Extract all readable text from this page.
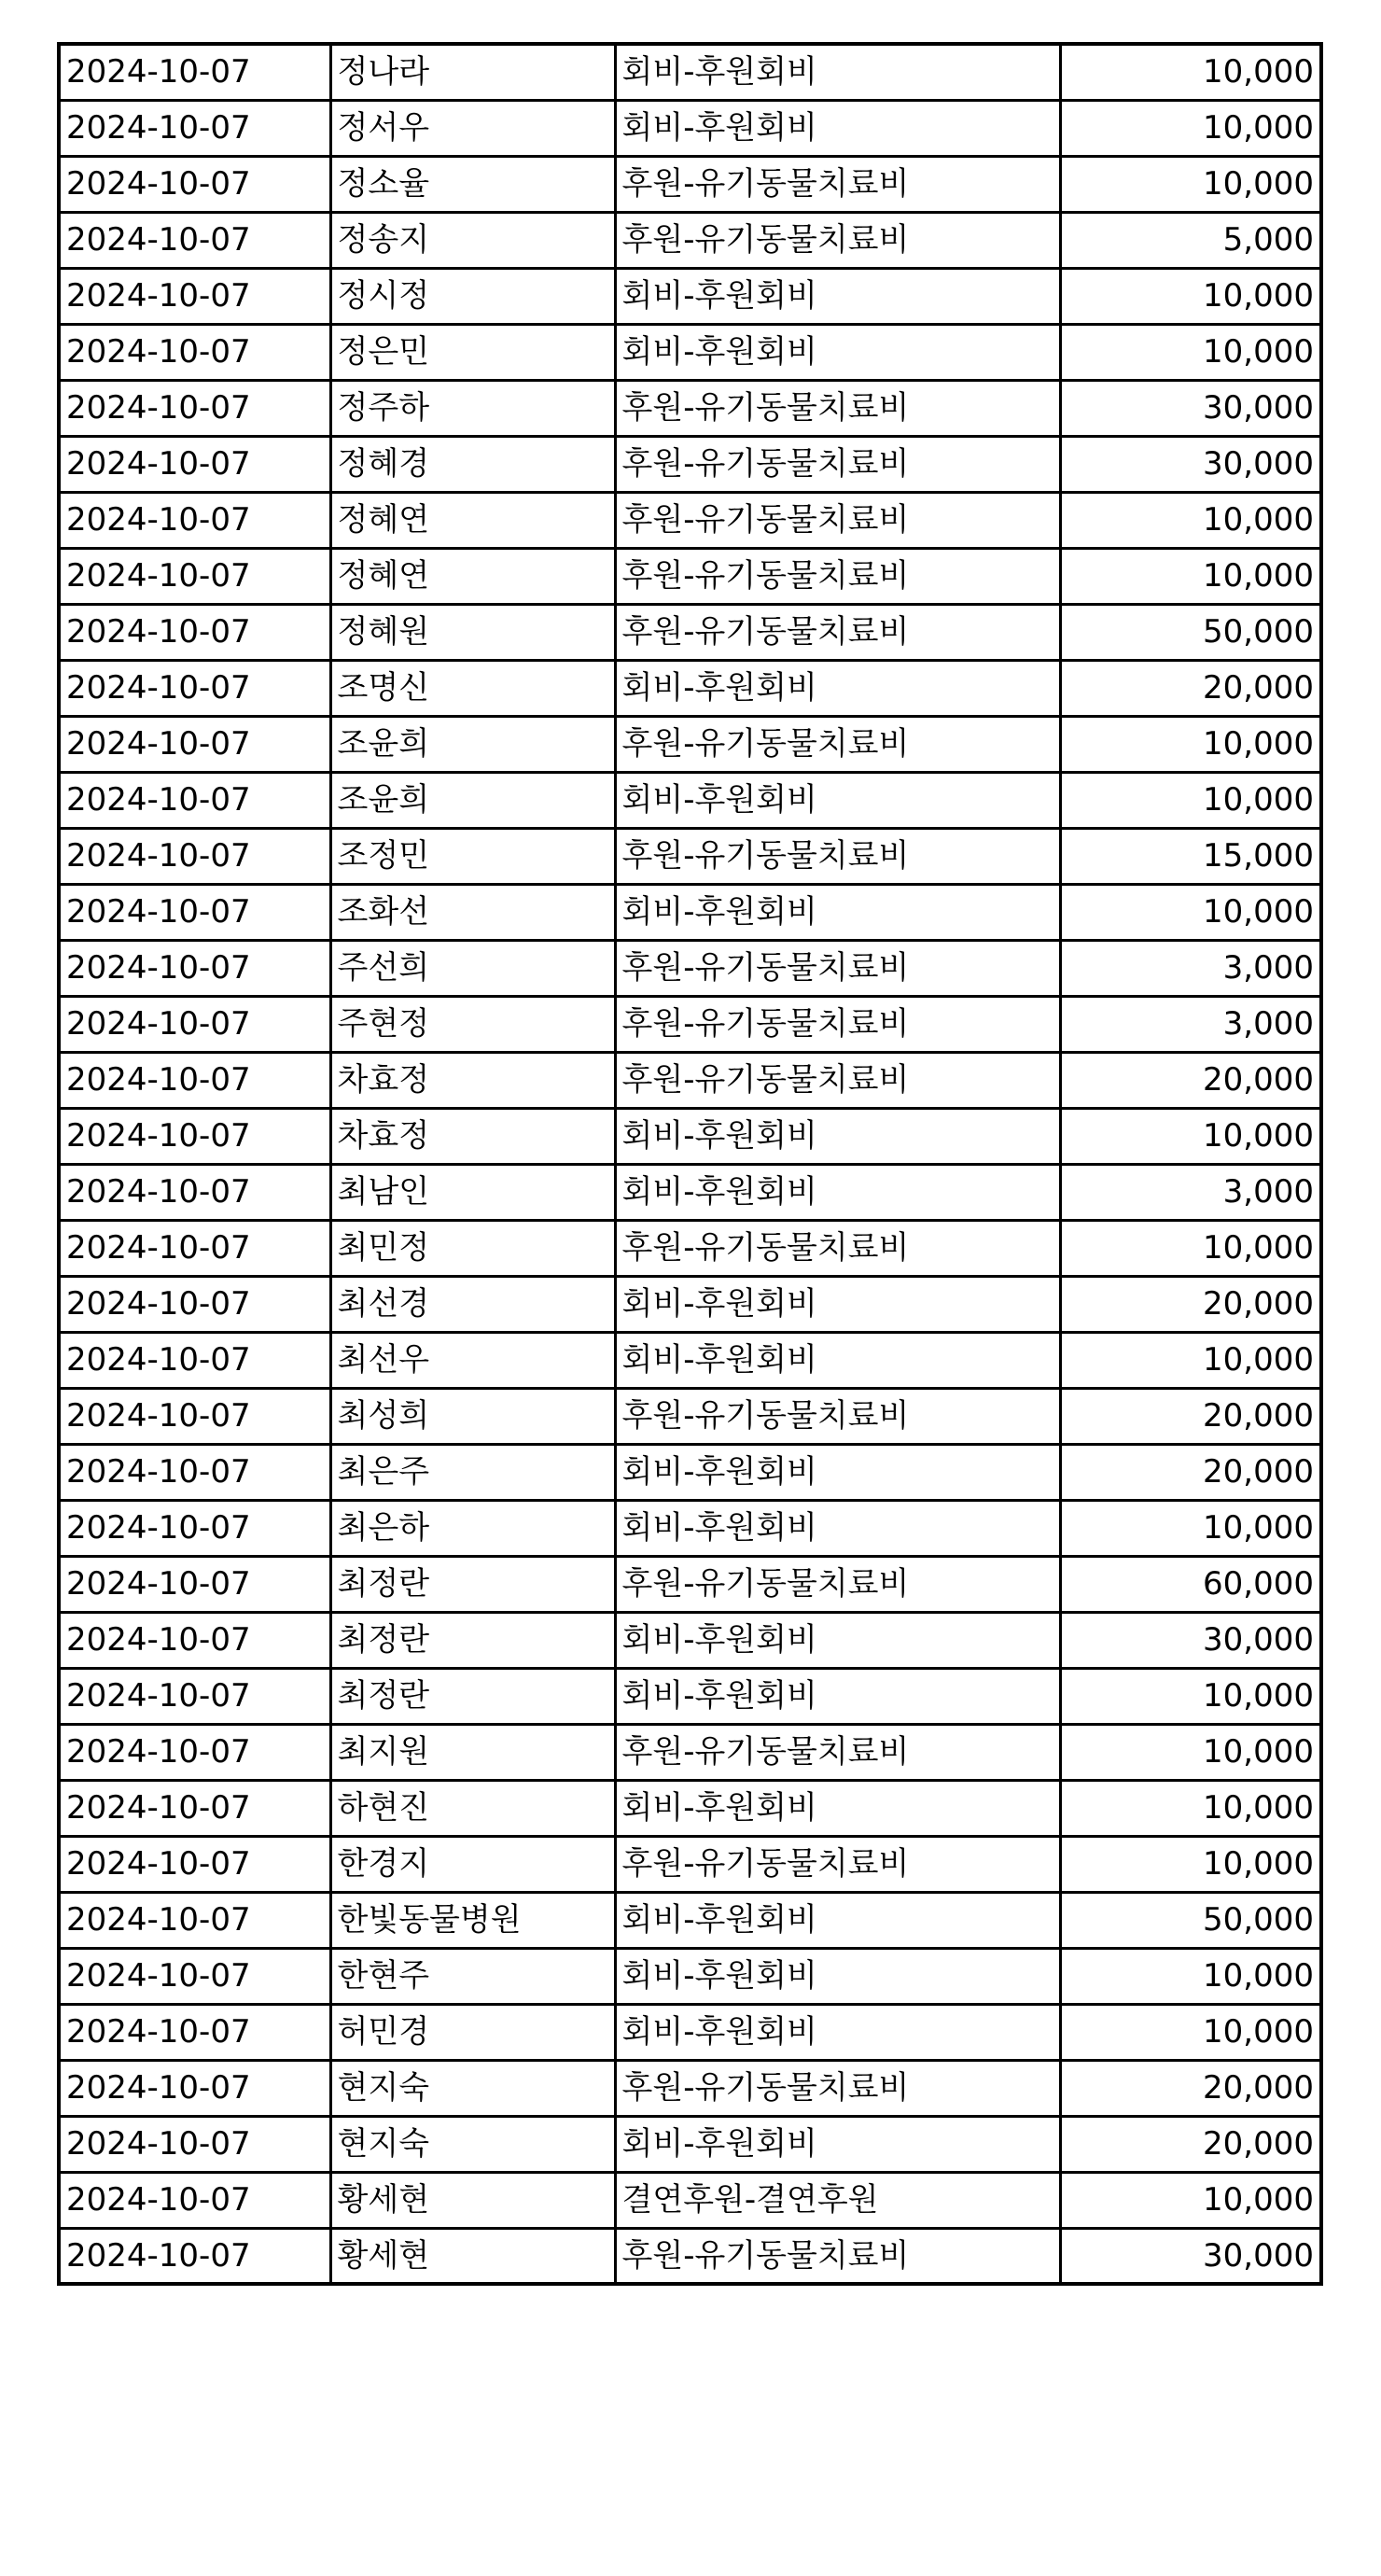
2024-10-07	정나라	회비-후원회비	10,000
2024-10-07	정서우	회비-후원회비	10,000
2024-10-07	정소율	후원-유기동물치료비	10,000
2024-10-07	정송지	후원-유기동물치료비	5,000
2024-10-07	정시정	회비-후원회비	10,000
2024-10-07	정은민	회비-후원회비	10,000
2024-10-07	정주하	후원-유기동물치료비	30,000
2024-10-07	정혜경	후원-유기동물치료비	30,000
2024-10-07	정혜연	후원-유기동물치료비	10,000
2024-10-07	정혜연	후원-유기동물치료비	10,000
2024-10-07	정혜원	후원-유기동물치료비	50,000
2024-10-07	조명신	회비-후원회비	20,000
2024-10-07	조윤희	후원-유기동물치료비	10,000
2024-10-07	조윤희	회비-후원회비	10,000
2024-10-07	조정민	후원-유기동물치료비	15,000
2024-10-07	조화선	회비-후원회비	10,000
2024-10-07	주선희	후원-유기동물치료비	3,000
2024-10-07	주현정	후원-유기동물치료비	3,000
2024-10-07	차효정	후원-유기동물치료비	20,000
2024-10-07	차효정	회비-후원회비	10,000
2024-10-07	최남인	회비-후원회비	3,000
2024-10-07	최민정	후원-유기동물치료비	10,000
2024-10-07	최선경	회비-후원회비	20,000
2024-10-07	최선우	회비-후원회비	10,000
2024-10-07	최성희	후원-유기동물치료비	20,000
2024-10-07	최은주	회비-후원회비	20,000
2024-10-07	최은하	회비-후원회비	10,000
2024-10-07	최정란	후원-유기동물치료비	60,000
2024-10-07	최정란	회비-후원회비	30,000
2024-10-07	최정란	회비-후원회비	10,000
2024-10-07	최지원	후원-유기동물치료비	10,000
2024-10-07	하현진	회비-후원회비	10,000
2024-10-07	한경지	후원-유기동물치료비	10,000
2024-10-07	한빛동물병원	회비-후원회비	50,000
2024-10-07	한현주	회비-후원회비	10,000
2024-10-07	허민경	회비-후원회비	10,000
2024-10-07	현지숙	후원-유기동물치료비	20,000
2024-10-07	현지숙	회비-후원회비	20,000
2024-10-07	황세현	결연후원-결연후원	10,000
2024-10-07	황세현	후원-유기동물치료비	30,000
